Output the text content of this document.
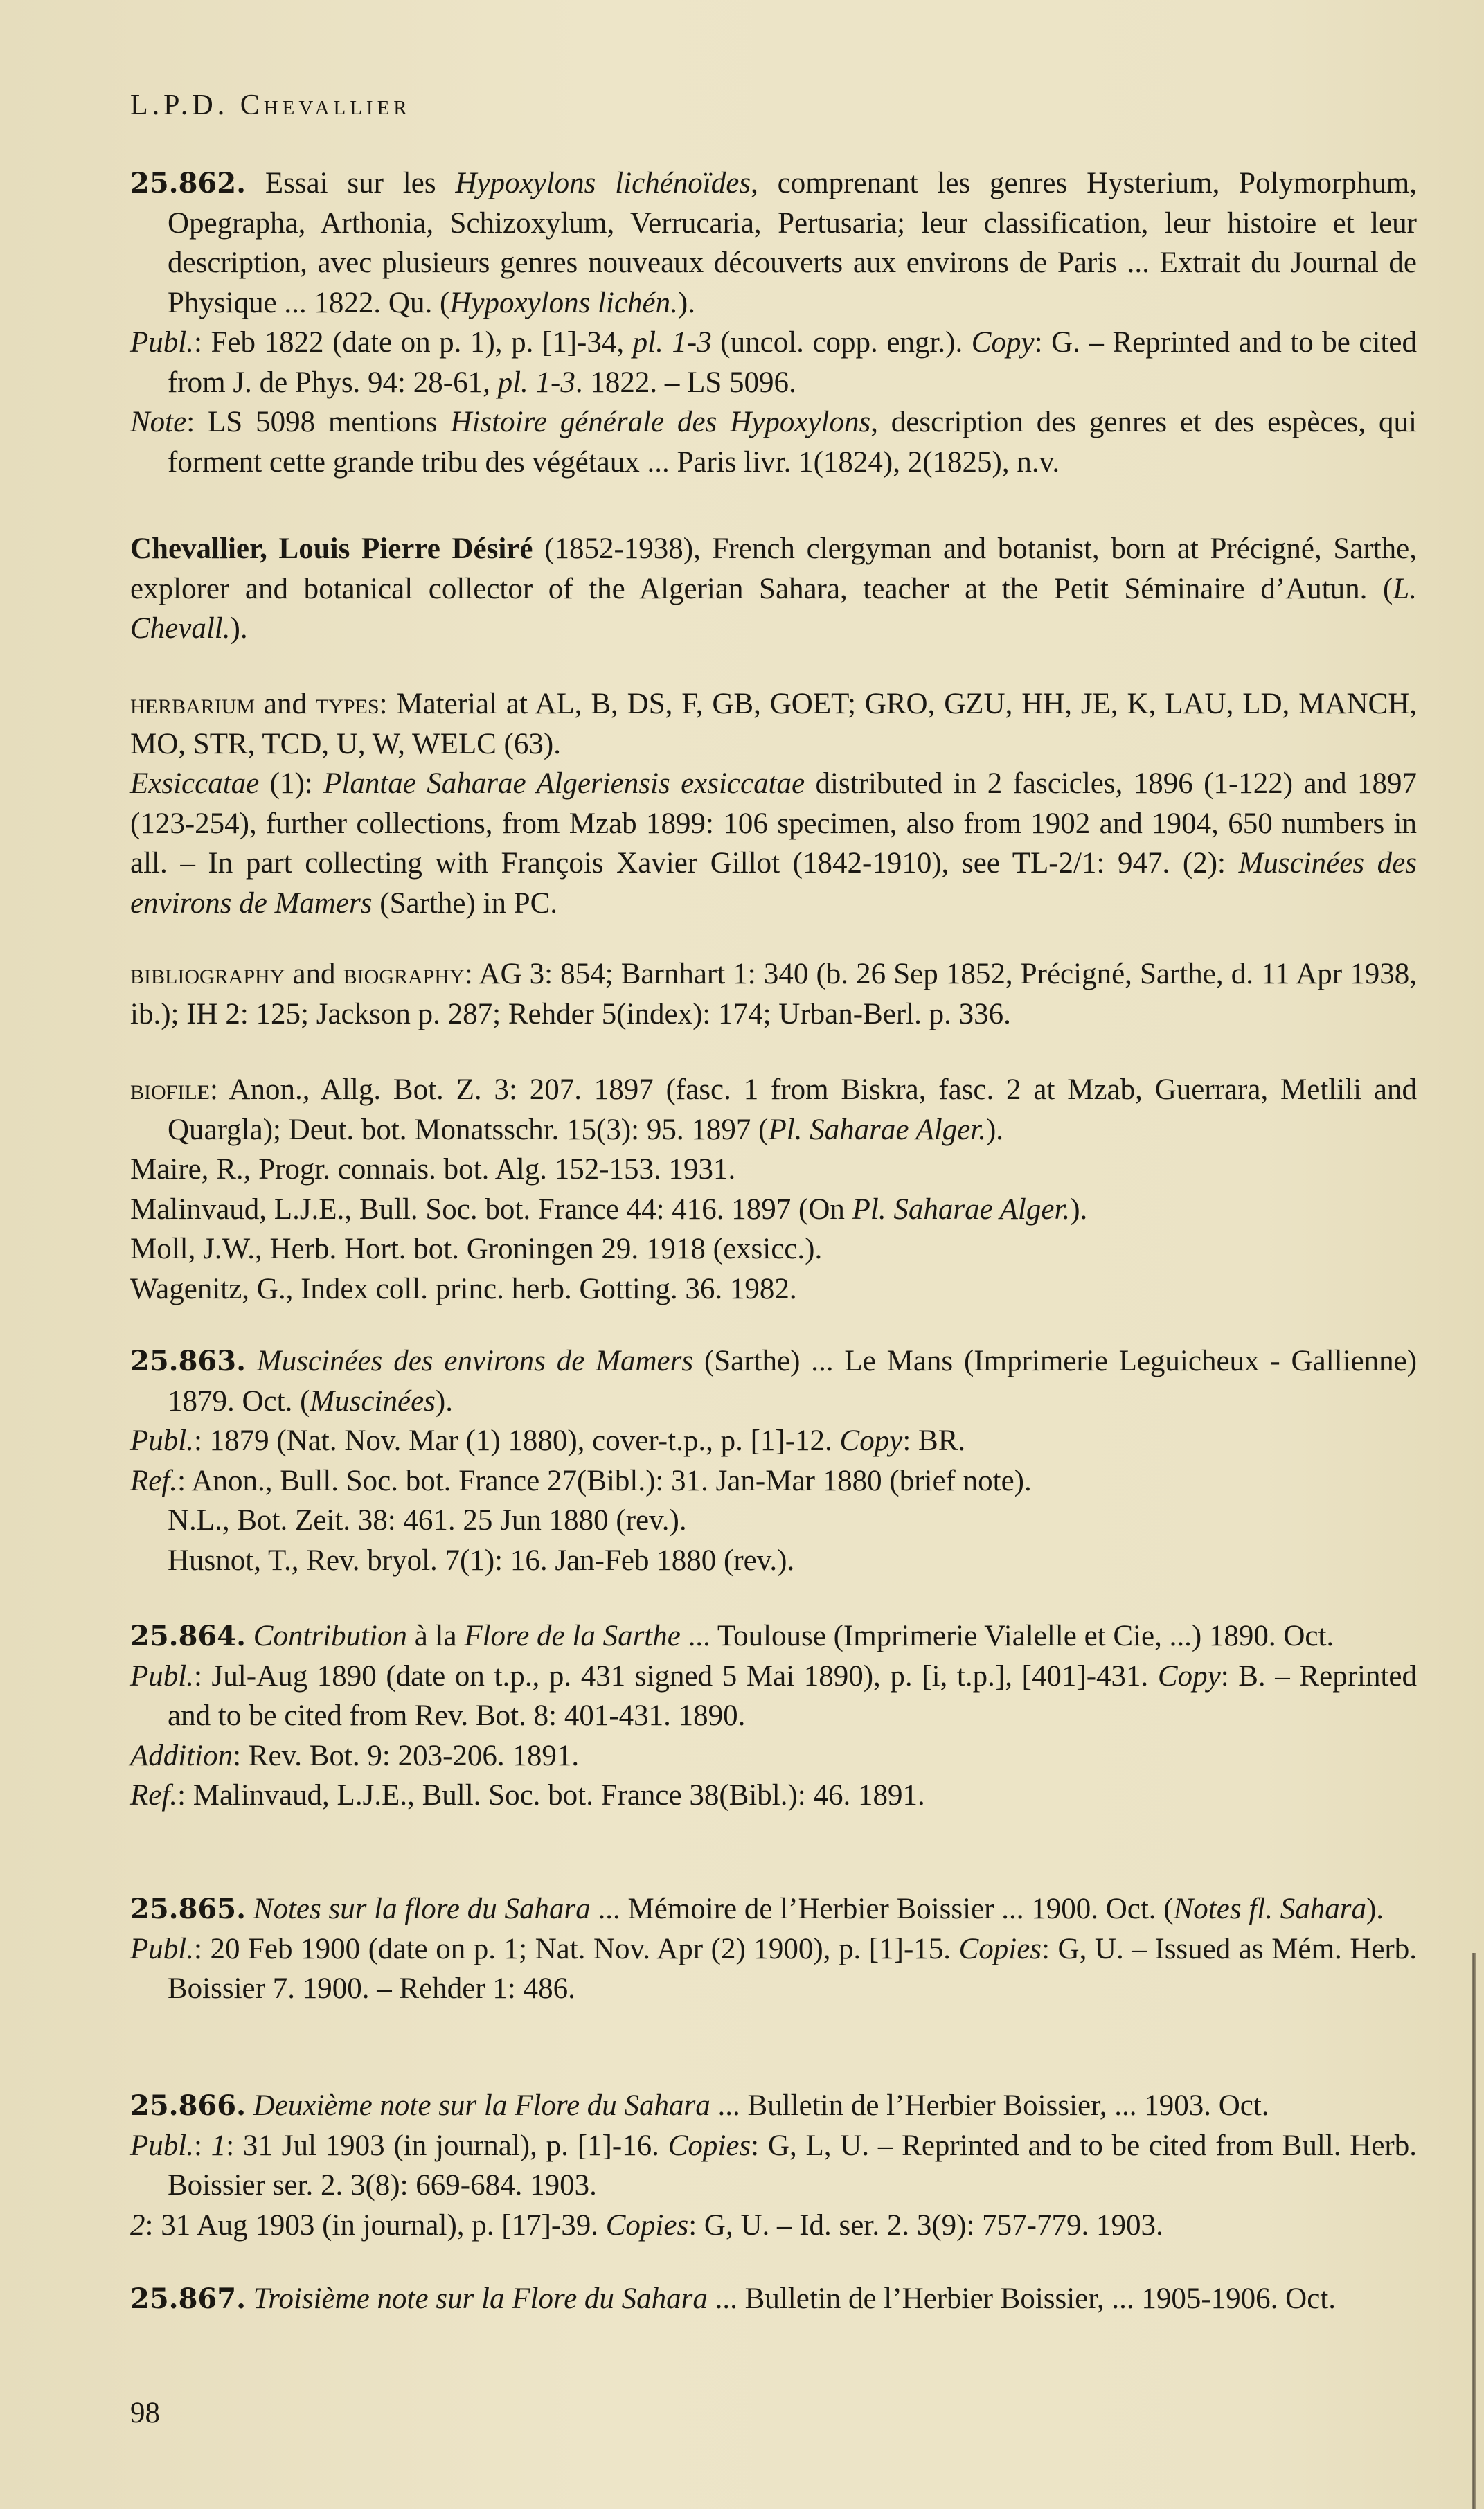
L.P.D. Chevallier

25.862. Essai sur les Hypoxylons lichénoïdes, comprenant les genres Hysterium, Polymorphum, Opegrapha, Arthonia, Schizoxylum, Verrucaria, Pertusaria; leur classification, leur histoire et leur description, avec plusieurs genres nouveaux découverts aux environs de Paris ... Extrait du Journal de Physique ... 1822. Qu. (Hypoxylons lichén.).

Publ.: Feb 1822 (date on p. 1), p. [1]-34, pl. 1-3 (uncol. copp. engr.). Copy: G. – Reprinted and to be cited from J. de Phys. 94: 28-61, pl. 1-3. 1822. – LS 5096.

Note: LS 5098 mentions Histoire générale des Hypoxylons, description des genres et des espèces, qui forment cette grande tribu des végétaux ... Paris livr. 1(1824), 2(1825), n.v.

Chevallier, Louis Pierre Désiré (1852-1938), French clergyman and botanist, born at Précigné, Sarthe, explorer and botanical collector of the Algerian Sahara, teacher at the Petit Séminaire d’Autun. (L. Chevall.).

herbarium and types: Material at AL, B, DS, F, GB, GOET; GRO, GZU, HH, JE, K, LAU, LD, MANCH, MO, STR, TCD, U, W, WELC (63).

Exsiccatae (1): Plantae Saharae Algeriensis exsiccatae distributed in 2 fascicles, 1896 (1-122) and 1897 (123-254), further collections, from Mzab 1899: 106 specimen, also from 1902 and 1904, 650 numbers in all. – In part collecting with François Xavier Gillot (1842-1910), see TL-2/1: 947. (2): Muscinées des environs de Mamers (Sarthe) in PC.

bibliography and biography: AG 3: 854; Barnhart 1: 340 (b. 26 Sep 1852, Précigné, Sarthe, d. 11 Apr 1938, ib.); IH 2: 125; Jackson p. 287; Rehder 5(index): 174; Urban-Berl. p. 336.

biofile: Anon., Allg. Bot. Z. 3: 207. 1897 (fasc. 1 from Biskra, fasc. 2 at Mzab, Guerrara, Metlili and Quargla); Deut. bot. Monatsschr. 15(3): 95. 1897 (Pl. Saharae Alger.).

Maire, R., Progr. connais. bot. Alg. 152-153. 1931.

Malinvaud, L.J.E., Bull. Soc. bot. France 44: 416. 1897 (On Pl. Saharae Alger.).

Moll, J.W., Herb. Hort. bot. Groningen 29. 1918 (exsicc.).

Wagenitz, G., Index coll. princ. herb. Gotting. 36. 1982.

25.863. Muscinées des environs de Mamers (Sarthe) ... Le Mans (Imprimerie Leguicheux - Gallienne) 1879. Oct. (Muscinées).

Publ.: 1879 (Nat. Nov. Mar (1) 1880), cover-t.p., p. [1]-12. Copy: BR.

Ref.: Anon., Bull. Soc. bot. France 27(Bibl.): 31. Jan-Mar 1880 (brief note).

N.L., Bot. Zeit. 38: 461. 25 Jun 1880 (rev.).

Husnot, T., Rev. bryol. 7(1): 16. Jan-Feb 1880 (rev.).

25.864. Contribution à la Flore de la Sarthe ... Toulouse (Imprimerie Vialelle et Cie, ...) 1890. Oct.

Publ.: Jul-Aug 1890 (date on t.p., p. 431 signed 5 Mai 1890), p. [i, t.p.], [401]-431. Copy: B. – Reprinted and to be cited from Rev. Bot. 8: 401-431. 1890.

Addition: Rev. Bot. 9: 203-206. 1891.

Ref.: Malinvaud, L.J.E., Bull. Soc. bot. France 38(Bibl.): 46. 1891.

25.865. Notes sur la flore du Sahara ... Mémoire de l’Herbier Boissier ... 1900. Oct. (Notes fl. Sahara).

Publ.: 20 Feb 1900 (date on p. 1; Nat. Nov. Apr (2) 1900), p. [1]-15. Copies: G, U. – Issued as Mém. Herb. Boissier 7. 1900. – Rehder 1: 486.

25.866. Deuxième note sur la Flore du Sahara ... Bulletin de l’Herbier Boissier, ... 1903. Oct.

Publ.: 1: 31 Jul 1903 (in journal), p. [1]-16. Copies: G, L, U. – Reprinted and to be cited from Bull. Herb. Boissier ser. 2. 3(8): 669-684. 1903.

2: 31 Aug 1903 (in journal), p. [17]-39. Copies: G, U. – Id. ser. 2. 3(9): 757-779. 1903.

25.867. Troisième note sur la Flore du Sahara ... Bulletin de l’Herbier Boissier, ... 1905-1906. Oct.

98
